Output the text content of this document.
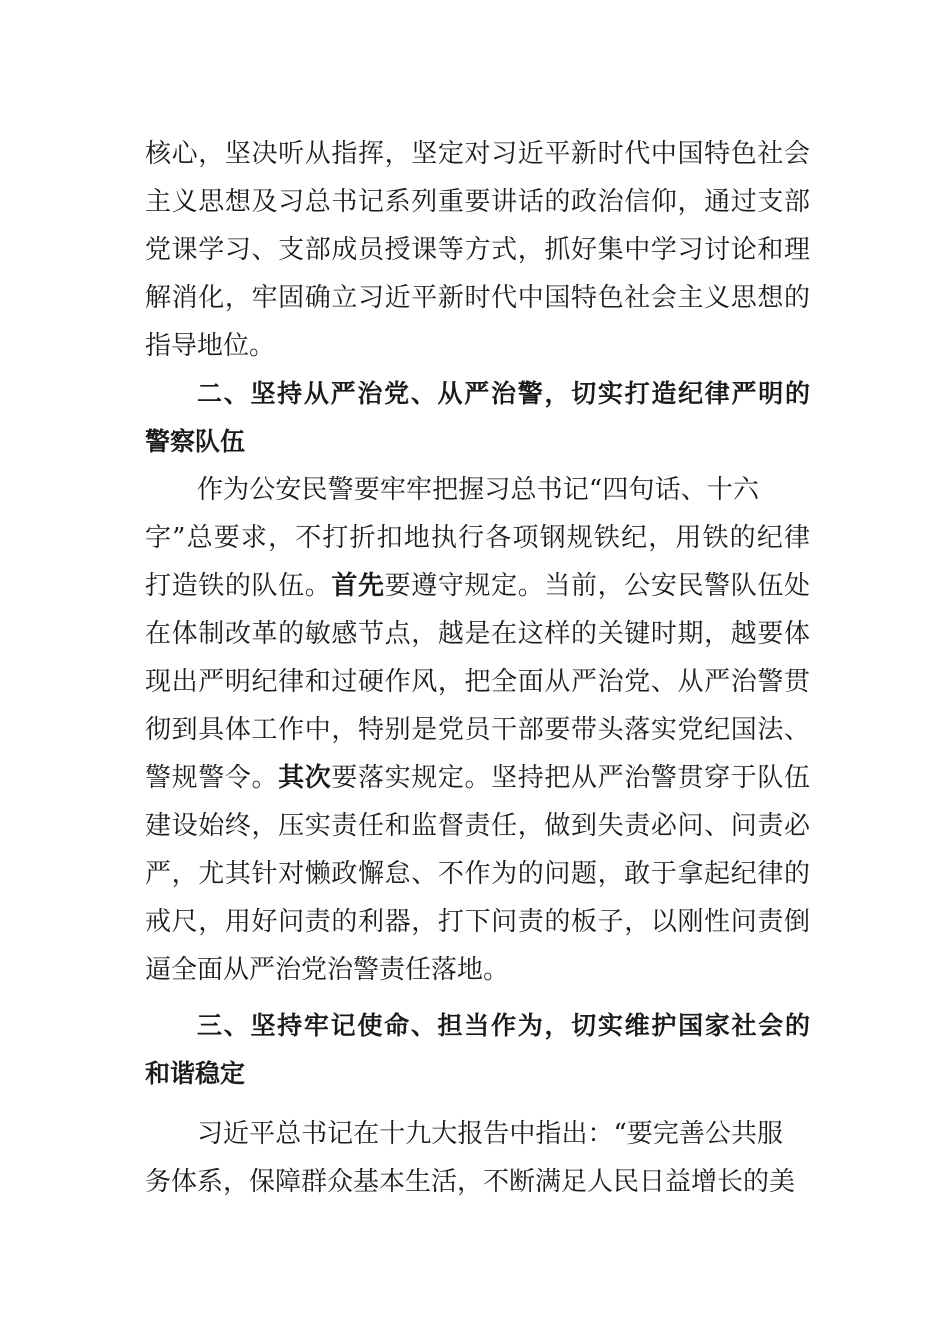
核心，坚决听从指挥，坚定对习近平新时代中国特色社会
主义思想及习总书记系列重要讲话的政治信仰，通过支部
党课学习、支部成员授课等方式，抓好集中学习讨论和理
解消化，牢固确立习近平新时代中国特色社会主义思想的
指导地位。
二、坚持从严治党、从严治警，切实打造纪律严明的
警察队伍
作为公安民警要牢牢把握习总书记“四句话、十六
字”总要求，不打折扣地执行各项钢规铁纪，用铁的纪律
打造铁的队伍。首先要遵守规定。当前，公安民警队伍处
在体制改革的敏感节点，越是在这样的关键时期，越要体
现出严明纪律和过硬作风，把全面从严治党、从严治警贯
彻到具体工作中，特别是党员干部要带头落实党纪国法、
警规警令。其次要落实规定。坚持把从严治警贯穿于队伍
建设始终，压实责任和监督责任，做到失责必问、问责必
严，尤其针对懒政懈怠、不作为的问题，敢于拿起纪律的
戒尺，用好问责的利器，打下问责的板子，以刚性问责倒
逼全面从严治党治警责任落地。
三、坚持牢记使命、担当作为，切实维护国家社会的
和谐稳定
习近平总书记在十九大报告中指出：“要完善公共服
务体系，保障群众基本生活，不断满足人民日益增长的美
